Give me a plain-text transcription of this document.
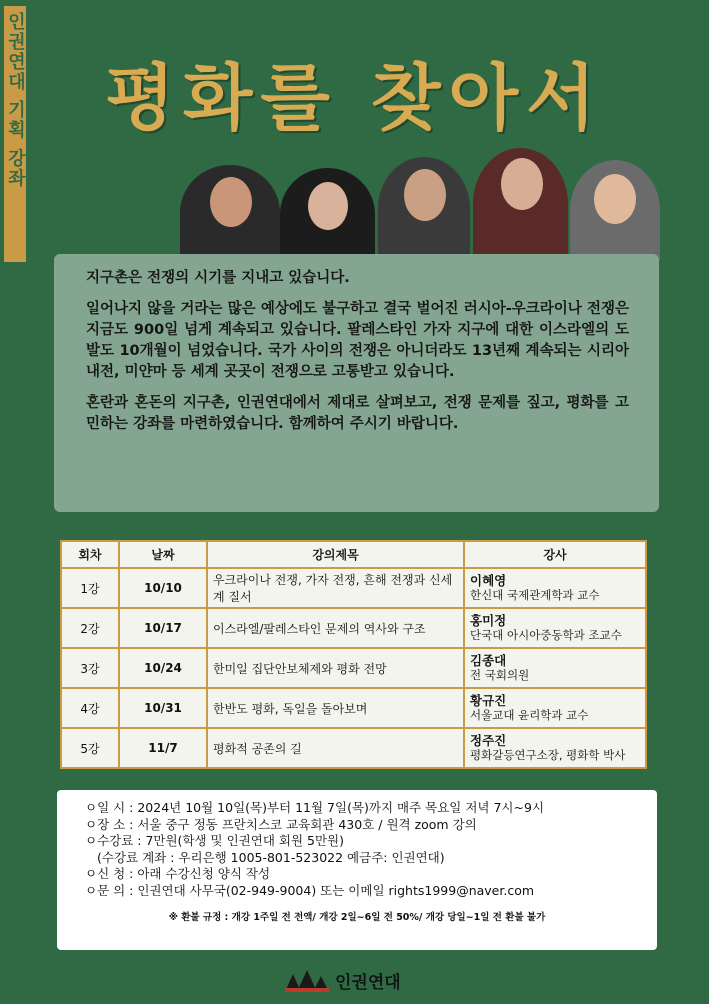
인권연대 기획 강좌	평화를 찾아서

지구촌은 전쟁의 시기를 지내고 있습니다.

일어나지 않을 거라는 많은 예상에도 불구하고 결국 벌어진 러시아-우크라이나 전쟁은 지금도 900일 넘게 계속되고 있습니다. 팔레스타인 가자 지구에 대한 이스라엘의 도발도 10개월이 넘었습니다. 국가 사이의 전쟁은 아니더라도 13년째 계속되는 시리아 내전, 미얀마 등 세계 곳곳이 전쟁으로 고통받고 있습니다.

혼란과 혼돈의 지구촌, 인권연대에서 제대로 살펴보고, 전쟁 문제를 짚고, 평화를 고민하는 강좌를 마련하였습니다. 함께하여 주시기 바랍니다.

회차	날짜	강의제목	강사
1강	10/10	우크라이나 전쟁, 가자 전쟁, 흔해 전쟁과 신세계 질서	이혜영
한신대 국제관계학과 교수

2강	10/17	이스라엘/팔레스타인 문제의 역사와 구조	홍미정
단국대 아시아중동학과 조교수

3강	10/24	한미일 집단안보체제와 평화 전망	김종대
전 국회의원

4강	10/31	한반도 평화, 독일을 돌아보며	황규진
서울교대 윤리학과 교수

5강	11/7	평화적 공존의 길	정주진
평화갈등연구소장, 평화학 박사
ㅇ일 시 : 2024년 10월 10일(목)부터 11월 7일(목)까지 매주 목요일 저녁 7시~9시
ㅇ장 소 : 서울 중구 정동 프란치스코 교육회관 430호 / 원격 zoom 강의
ㅇ수강료 : 7만원(학생 및 인권연대 회원 5만원)
(수강료 계좌 : 우리은행 1005-801-523022 예금주: 인권연대)
ㅇ신 청 : 아래 수강신청 양식 작성
ㅇ문 의 : 인권연대 사무국(02-949-9004) 또는 이메일 rights1999@naver.com
※ 환불 규정 : 개강 1주일 전 전액/ 개강 2일~6일 전 50%/ 개강 당일~1일 전 환불 불가
인권연대
